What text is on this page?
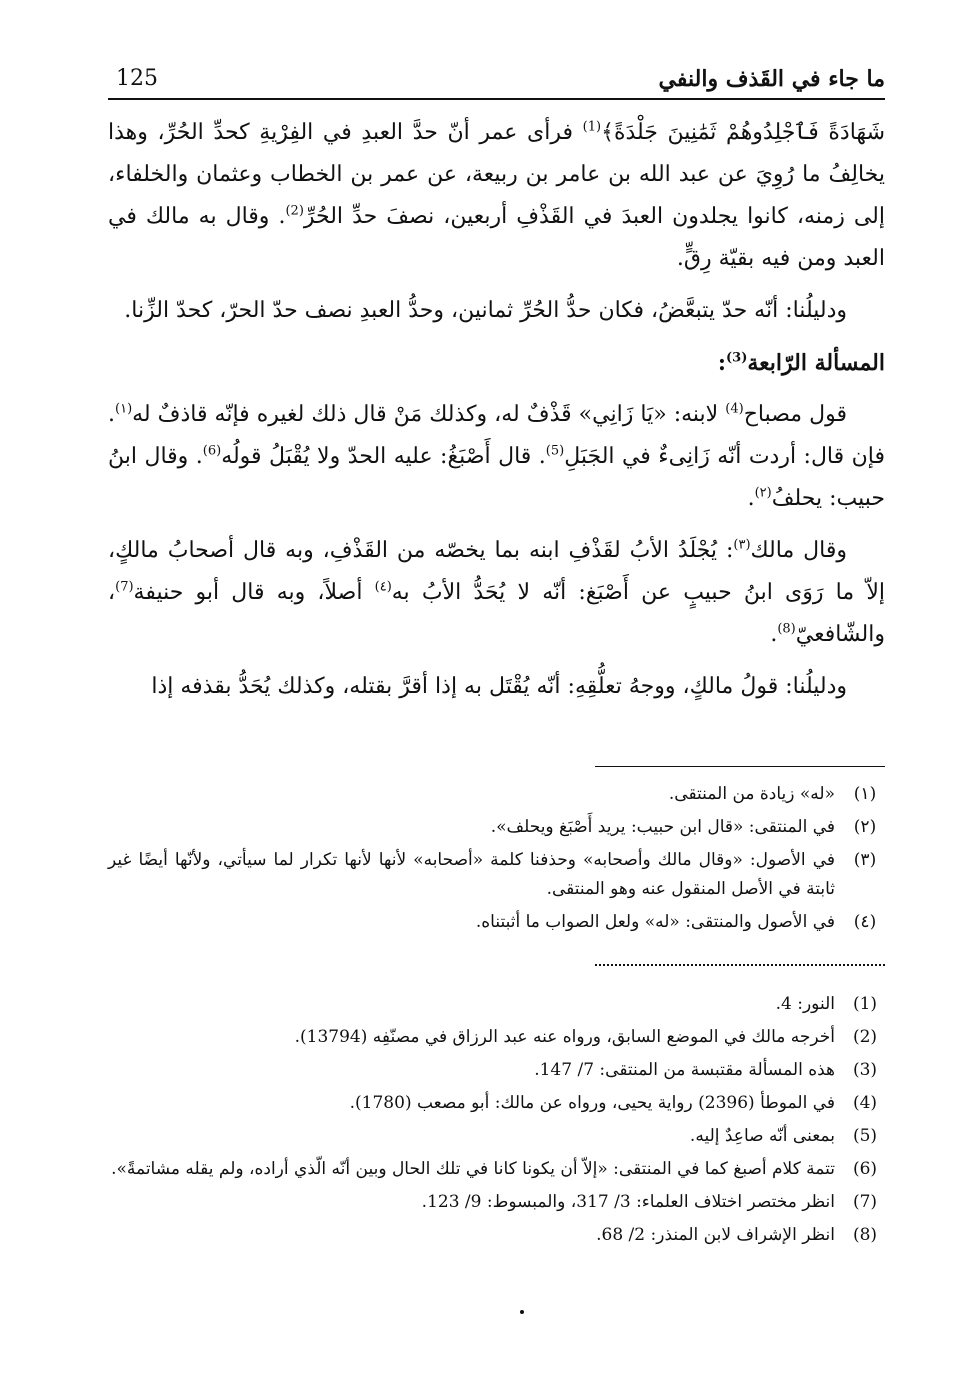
ما جاء في القَذف والنفي
125

شَهَادَةً فَٱجْلِدُوهُمْ ثَمَٰنِينَ جَلْدَةً﴾$^{(1)}$ فرأى عمر أنّ حدَّ العبدِ في الفِرْيةِ كحدِّ الحُرِّ، وهذا يخالِفُ ما رُوِيَ عن عبد الله بن عامر بن ربيعة، عن عمر بن الخطاب وعثمان والخلفاء، إلى زمنه، كانوا يجلدون العبدَ في القَذْفِ أربعين، نصفَ حدِّ الحُرِّ$^{(2)}$. وقال به مالك في العبد ومن فيه بقيّة رِقٍّ.

ودليلُنا: أنّه حدّ يتبعَّضُ، فكان حدُّ الحُرِّ ثمانين، وحدُّ العبدِ نصف حدّ الحرّ، كحدّ الزِّنا.

المسألة الرّابعة$^{(3)}$:

قول مصباح$^{(4)}$ لابنه: «يَا زَانِي» قَذْفٌ له، وكذلك مَنْ قال ذلك لغيره فإنّه قاذفٌ له$^{(١)}$. فإن قال: أردت أنّه زَانِىءٌ في الجَبَلِ$^{(5)}$. قال أَصْبَغُ: عليه الحدّ ولا يُقْبَلُ قولُه$^{(6)}$. وقال ابنُ حبيب: يحلفُ$^{(٢)}$.

وقال مالك$^{(٣)}$: يُجْلَدُ الأبُ لقَذْفِ ابنه بما يخصّه من القَذْفِ، وبه قال أصحابُ مالكٍ، إلاّ ما رَوَى ابنُ حبيبٍ عن أَصْبَغ: أنّه لا يُحَدُّ الأبُ به$^{(٤)}$ أصلاً، وبه قال أبو حنيفة$^{(7)}$، والشّافعيّ$^{(8)}$.

ودليلُنا: قولُ مالكٍ، ووجهُ تعلُّقِهِ: أنّه يُقْتَل به إذا أقرَّ بقتله، وكذلك يُحَدُّ بقذفه إذا

(١)
«له» زيادة من المنتقى.
(٢)
في المنتقى: «قال ابن حبيب: يريد أَصْبَغ ويحلف».
(٣)
في الأصول: «وقال مالك وأصحابه» وحذفنا كلمة «أصحابه» لأنها لأنها تكرار لما سيأتي، ولأنّها أيضًا غير ثابتة في الأصل المنقول عنه وهو المنتقى.
(٤)
في الأصول والمنتقى: «له» ولعل الصواب ما أثبتناه.
(1)
النور: 4.
(2)
أخرجه مالك في الموضع السابق، ورواه عنه عبد الرزاق في مصنّفِه (13794).
(3)
هذه المسألة مقتبسة من المنتقى: 7/ 147.
(4)
في الموطأ (2396) رواية يحيى، ورواه عن مالك: أبو مصعب (1780).
(5)
بمعنى أنّه صاعِدٌ إليه.
(6)
تتمة كلام أصبغ كما في المنتقى: «إلاّ أن يكونا كانا في تلك الحال وبين أنّه الّذي أراده، ولم يقله مشاتمةً».
(7)
انظر مختصر اختلاف العلماء: 3/ 317، والمبسوط: 9/ 123.
(8)
انظر الإشراف لابن المنذر: 2/ 68.
